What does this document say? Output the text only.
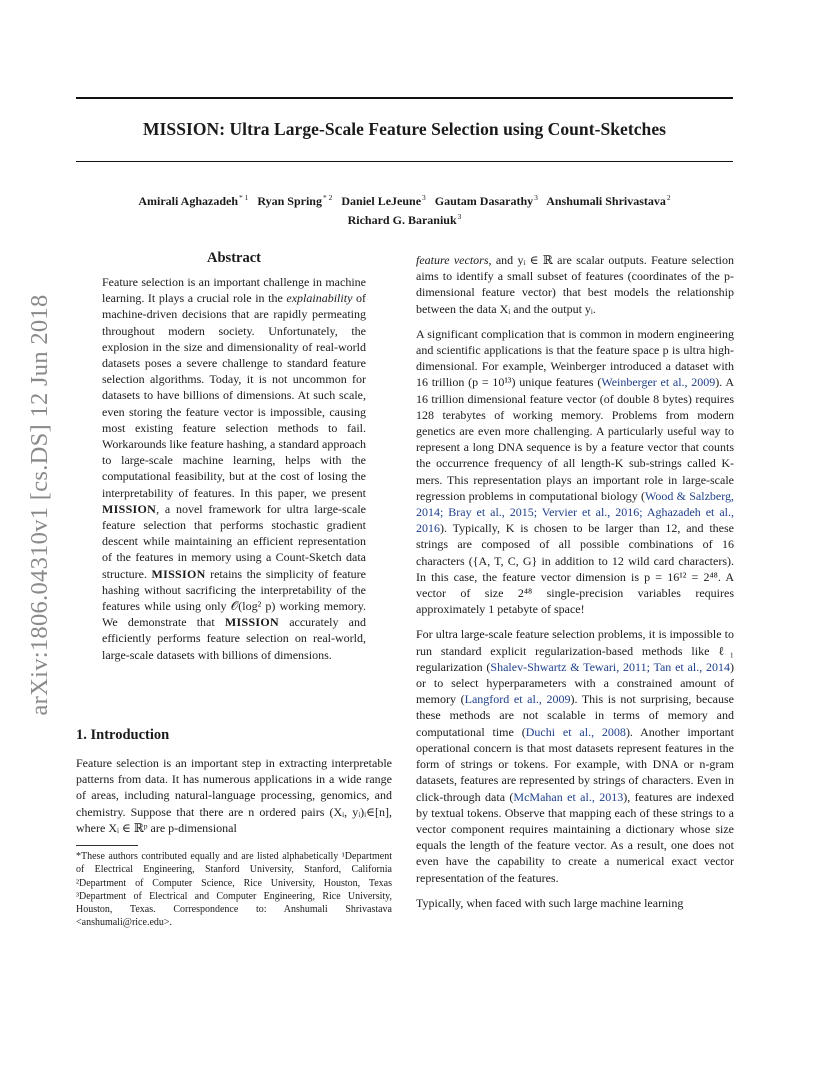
arXiv:1806.04310v1 [cs.DS] 12 Jun 2018
MISSION: Ultra Large-Scale Feature Selection using Count-Sketches
Amirali Aghazadeh$^{* 1}$ Ryan Spring$^{* 2}$ Daniel LeJeune$^3$ Gautam Dasarathy$^3$ Anshumali Shrivastava$^2$
Richard G. Baraniuk$^3$
Abstract
Feature selection is an important challenge in machine learning. It plays a crucial role in the explainability of machine-driven decisions that are rapidly permeating throughout modern society. Unfortunately, the explosion in the size and dimensionality of real-world datasets poses a severe challenge to standard feature selection algorithms. Today, it is not uncommon for datasets to have billions of dimensions. At such scale, even storing the feature vector is impossible, causing most existing feature selection methods to fail. Workarounds like feature hashing, a standard approach to large-scale machine learning, helps with the computational feasibility, but at the cost of losing the interpretability of features. In this paper, we present MISSION, a novel framework for ultra large-scale feature selection that performs stochastic gradient descent while maintaining an efficient representation of the features in memory using a Count-Sketch data structure. MISSION retains the simplicity of feature hashing without sacrificing the interpretability of the features while using only 𝒪(log² p) working memory. We demonstrate that MISSION accurately and efficiently performs feature selection on real-world, large-scale datasets with billions of dimensions.
1. Introduction
Feature selection is an important step in extracting interpretable patterns from data. It has numerous applications in a wide range of areas, including natural-language processing, genomics, and chemistry. Suppose that there are n ordered pairs (Xᵢ, yᵢ)ᵢ∈[n], where Xᵢ ∈ ℝᵖ are p-dimensional
*These authors contributed equally and are listed alphabetically ¹Department of Electrical Engineering, Stanford University, Stanford, California ²Department of Computer Science, Rice University, Houston, Texas ³Department of Electrical and Computer Engineering, Rice University, Houston, Texas. Correspondence to: Anshumali Shrivastava <anshumali@rice.edu>.

feature vectors, and yᵢ ∈ ℝ are scalar outputs. Feature selection aims to identify a small subset of features (coordinates of the p-dimensional feature vector) that best models the relationship between the data Xᵢ and the output yᵢ.

A significant complication that is common in modern engineering and scientific applications is that the feature space p is ultra high-dimensional. For example, Weinberger introduced a dataset with 16 trillion (p = 10¹³) unique features (Weinberger et al., 2009). A 16 trillion dimensional feature vector (of double 8 bytes) requires 128 terabytes of working memory. Problems from modern genetics are even more challenging. A particularly useful way to represent a long DNA sequence is by a feature vector that counts the occurrence frequency of all length-K sub-strings called K-mers. This representation plays an important role in large-scale regression problems in computational biology (Wood & Salzberg, 2014; Bray et al., 2015; Vervier et al., 2016; Aghazadeh et al., 2016). Typically, K is chosen to be larger than 12, and these strings are composed of all possible combinations of 16 characters ({A, T, C, G} in addition to 12 wild card characters). In this case, the feature vector dimension is p = 16¹² = 2⁴⁸. A vector of size 2⁴⁸ single-precision variables requires approximately 1 petabyte of space!

For ultra large-scale feature selection problems, it is impossible to run standard explicit regularization-based methods like ℓ₁ regularization (Shalev-Shwartz & Tewari, 2011; Tan et al., 2014) or to select hyperparameters with a constrained amount of memory (Langford et al., 2009). This is not surprising, because these methods are not scalable in terms of memory and computational time (Duchi et al., 2008). Another important operational concern is that most datasets represent features in the form of strings or tokens. For example, with DNA or n-gram datasets, features are represented by strings of characters. Even in click-through data (McMahan et al., 2013), features are indexed by textual tokens. Observe that mapping each of these strings to a vector component requires maintaining a dictionary whose size equals the length of the feature vector. As a result, one does not even have the capability to create a numerical exact vector representation of the features.

Typically, when faced with such large machine learning
